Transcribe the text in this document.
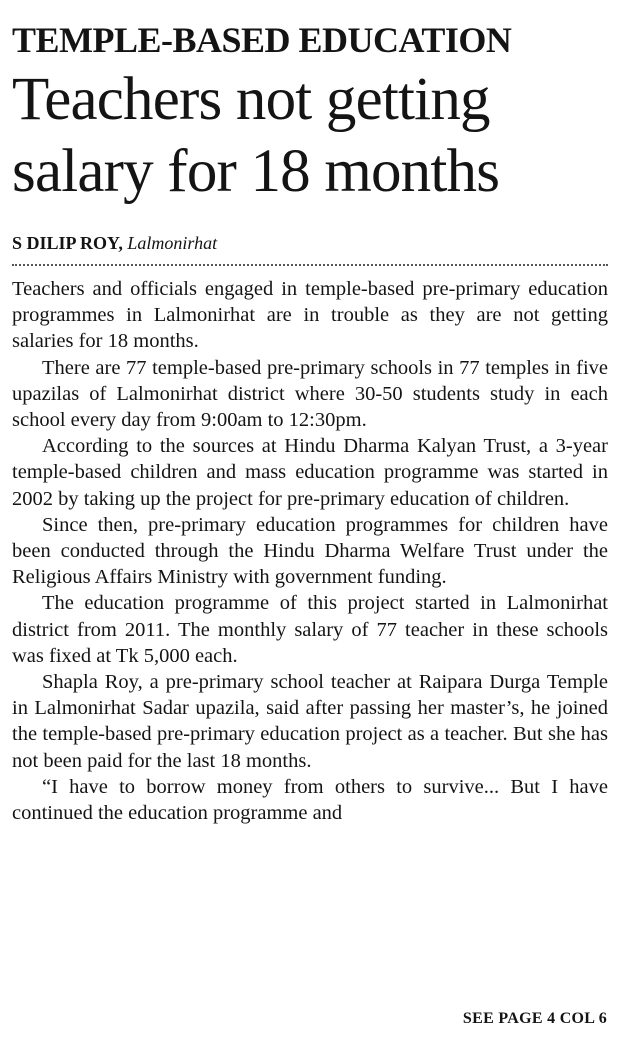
TEMPLE-BASED EDUCATION
Teachers not getting salary for 18 months
S DILIP ROY, Lalmonirhat

Teachers and officials engaged in temple-based pre-primary education programmes in Lalmonirhat are in trouble as they are not getting salaries for 18 months.

There are 77 temple-based pre-primary schools in 77 temples in five upazilas of Lalmonirhat district where 30-50 students study in each school every day from 9:00am to 12:30pm.

According to the sources at Hindu Dharma Kalyan Trust, a 3-year temple-based children and mass education programme was started in 2002 by taking up the project for pre-primary education of children.

Since then, pre-primary education programmes for children have been conducted through the Hindu Dharma Welfare Trust under the Religious Affairs Ministry with government funding.

The education programme of this project started in Lalmonirhat district from 2011. The monthly salary of 77 teacher in these schools was fixed at Tk 5,000 each.

Shapla Roy, a pre-primary school teacher at Raipara Durga Temple in Lalmonirhat Sadar upazila, said after passing her master’s, he joined the temple-based pre-primary education project as a teacher. But she has not been paid for the last 18 months.

“I have to borrow money from others to survive... But I have continued the education programme and

SEE PAGE 4 COL 6
